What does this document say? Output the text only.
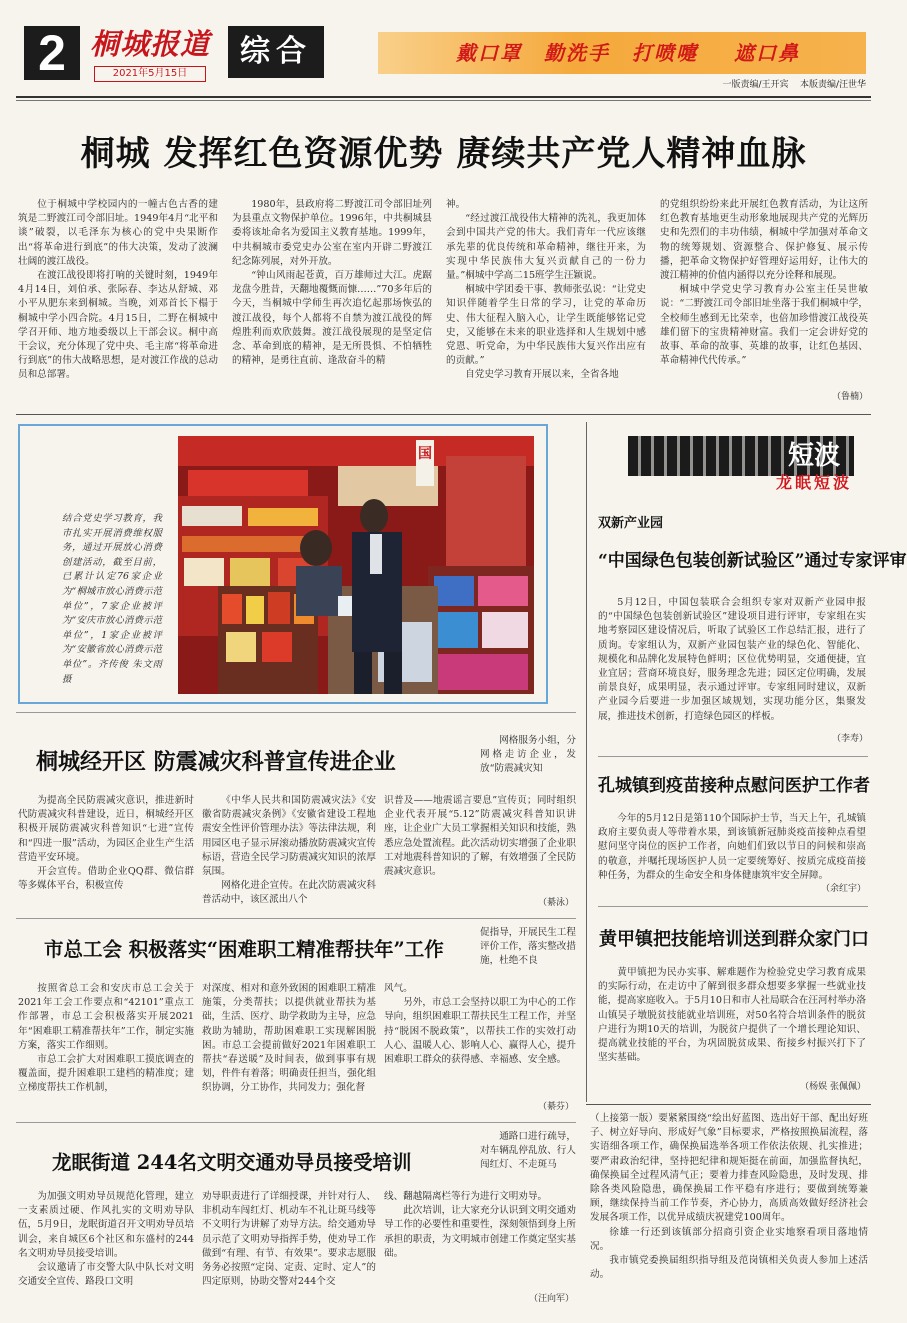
2 桐城报道
2021年5月15日
综合	戴口罩	勤洗手	打喷嚏	遮口鼻
一版责编/王开宾    本版责编/汪世华
桐城 发挥红色资源优势 赓续共产党人精神血脉

位于桐城中学校园内的一幢古色古香的建筑是二野渡江司令部旧址。1949年4月“北平和谈”破裂，以毛泽东为核心的党中央果断作出“将革命进行到底”的伟大决策，发动了波澜壮阔的渡江战役。

在渡江战役即将打响的关键时刻，1949年4月14日，刘伯承、张际春、李达从舒城、邓小平从肥东来到桐城。当晚，刘邓首长下榻于桐城中学小四合院。4月15日，二野在桐城中学召开师、地方地委级以上干部会议。桐中高干会议，充分体现了党中央、毛主席“将革命进行到底”的伟大战略思想，是对渡江作战的总动员和总部署。

1980年，县政府将二野渡江司令部旧址列为县重点文物保护单位。1996年，中共桐城县委将该址命名为爱国主义教育基地。1999年，中共桐城市委党史办公室在室内开辟二野渡江纪念陈列展，对外开放。

“钟山风雨起苍黄，百万雄师过大江。虎踞龙盘今胜昔，天翻地覆慨而慷……”70多年后的今天，当桐城中学师生再次追忆起那场恢弘的渡江战役，每个人都将不自禁为渡江战役的辉煌胜利而欢欣鼓舞。渡江战役展现的是坚定信念、革命到底的精神，是无所畏惧、不怕牺牲的精神，是勇往直前、逢敌奋斗的精

神。

“经过渡江战役伟大精神的洗礼，我更加体会到中国共产党的伟大。我们青年一代应该继承先辈的优良传统和革命精神，继往开来，为实现中华民族伟大复兴贡献自己的一份力量。”桐城中学高二15班学生汪颖说。

桐城中学团委干事、教师张弘说：“让党史知识伴随着学生日常的学习，让党的革命历史、伟大征程入脑入心，让学生既能够铭记党史，又能够在未来的职业选择和人生规划中感党恩、听党命，为中华民族伟大复兴作出应有的贡献。”

自党史学习教育开展以来，全省各地

的党组织纷纷来此开展红色教育活动，为让这所红色教育基地更生动形象地展现共产党的光辉历史和先烈们的丰功伟绩，桐城中学加强对革命文物的统筹规划、资源整合、保护修复、展示传播，把革命文物保护好管理好运用好，让伟大的渡江精神的价值内涵得以充分诠释和展现。

桐城中学党史学习教育办公室主任吴世敏说：“二野渡江司令部旧址坐落于我们桐城中学，全校师生感到无比荣幸，也倍加珍惜渡江战役英雄们留下的宝贵精神财富。我们一定会讲好党的故事、革命的故事、英雄的故事，让红色基因、革命精神代代传承。”

（鲁楠）
结合党史学习教育，我市扎实开展消费维权服务，通过开展放心消费创建活动，截至目前，已累计认定76家企业为“桐城市放心消费示范单位”，7家企业被评为“安庆市放心消费示范单位”，1家企业被评为“安徽省放心消费示范单位”。齐传俊 朱文雨 摄
国	短波
龙眠短波
双新产业园
“中国绿色包装创新试验区”通过专家评审

5月12日，中国包装联合会组织专家对双新产业园申报的“中国绿色包装创新试验区”建设项目进行评审，专家组在实地考察园区建设情况后，听取了试验区工作总结汇报，进行了质询。专家组认为，双新产业园包装产业的绿色化、智能化、规模化和品牌化发展特色鲜明；区位优势明显，交通便捷，宜业宜居；营商环境良好，服务理念先进；园区定位明确，发展前景良好，成果明显，表示通过评审。专家组同时建议，双新产业园今后要进一步加强区域规划，实现功能分区，集聚发展，推进技术创新，打造绿色园区的样板。

（李寿）
孔城镇到疫苗接种点慰问医护工作者

今年的5月12日是第110个国际护士节，当天上午，孔城镇政府主要负责人等带着水果，到该镇新冠肺炎疫苗接种点看望慰问坚守岗位的医护工作者，向她们们致以节日的问候和崇高的敬意，并嘱托现场医护人员一定要统筹好、按质完成疫苗接种任务，为群众的生命安全和身体健康筑牢安全屏障。

（余红宇）
黄甲镇把技能培训送到群众家门口

黄甲镇把为民办实事、解难题作为检验党史学习教育成果的实际行动，在走访中了解到很多群众想要多掌握一些就业技能，提高家庭收入。于5月10日和市人社局联合在汪河村举办洛山镇吴子墩脱贫技能就业培训班，对50名符合培训条件的脱贫户进行为期10天的培训，为脱贫户提供了一个增长理论知识、提高就业技能的平台，为巩固脱贫成果、衔接乡村振兴打下了坚实基础。

（杨娱 张佩佩）
桐城经开区 防震减灾科普宣传进企业

为提高全民防震减灾意识，推进新时代防震减灾科普建设，近日，桐城经开区积极开展防震减灾科普知识“七进”宣传和“四进一服”活动，为园区企业生产生活营造平安环境。

开会宣传。借助企业QQ群、微信群等多媒体平台，积极宣传

《中华人民共和国防震减灾法》《安徽省防震减灾条例》《安徽省建设工程地震安全性评价管理办法》等法律法规，利用园区电子显示屏滚动播放防震减灾宣传标语，营造全民学习防震减灾知识的浓厚氛围。

网格化进企宣传。在此次防震减灾科普活动中，该区派出八个

网格服务小组，分网格走访企业，发放“防震减灾知

识普及——地震谣言要息”宣传页；同时组织企业代表开展“5.12”防震减灾科普知识讲座，让企业广大员工掌握相关知识和技能，熟悉应急处置流程。此次活动切实增强了企业职工对地震科普知识的了解，有效增强了全民防震减灾意识。

（綦泳）
市总工会 积极落实“困难职工精准帮扶年”工作

按照省总工会和安庆市总工会关于2021年工会工作要点和“42101”重点工作部署，市总工会积极落实开展2021年“困难职工精准帮扶年”工作，制定实施方案，落实工作细则。

市总工会扩大对困难职工摸底调查的覆盖面，提升困难职工建档的精准度；建立梯度帮扶工作机制，

对深度、相对和意外致困的困难职工精准施策，分类帮扶；以提供就业帮扶为基础，生活、医疗、助学救助为主导，应急救助为辅助，帮助困难职工实现解困脱困。市总工会提前做好2021年困难职工帮扶“春送暖”及时间表，做到事事有规划，件件有着落；明确责任担当，强化组织协调，分工协作，共同发力；强化督

促指导，开展民生工程评价工作，落实整改措施，杜绝不良

风气。

另外，市总工会坚持以职工为中心的工作导向，组织困难职工帮扶民生工程工作，并坚持“脱困不脱政策”，以帮扶工作的实效打动人心、温暖人心、影响人心、赢得人心，提升困难职工群众的获得感、幸福感、安全感。

（綦芬）
龙眠街道 244名文明交通劝导员接受培训

为加强文明劝导员规范化管理，建立一支素质过硬、作风扎实的文明劝导队伍，5月9日，龙眠街道召开文明劝导员培训会，来自城区6个社区和东盛村的244名文明劝导员接受培训。

会议邀请了市交警大队中队长对文明交通安全宣传、路段口文明

劝导职责进行了详细授课，并针对行人、非机动车闯红灯、机动车不礼让斑马线等不文明行为讲解了劝导方法。给交通劝导员示范了文明劝导指挥手势，使劝导工作做到“有理、有节、有效果”。要求志愿服务务必按照“定岗、定责、定时、定人”的四定原则，协助交警对244个交

通路口进行疏导，对车辆乱停乱放、行人闯红灯、不走斑马

线、翻越隔离栏等行为进行文明劝导。

此次培训，让大家充分认识到文明交通劝导工作的必要性和重要性，深刻领悟到身上所承担的职责，为文明城市创建工作奠定坚实基础。

（汪向军）

（上接第一版）要紧紧围绕“绘出好蓝图、选出好干部、配出好班子、树立好导向、形成好气象”目标要求，严格按照换届流程，落实语细各项工作，确保换届选举各项工作依法依规、扎实推进；要严肃政治纪律，坚持把纪律和规矩挺在前面，加强监督执纪，确保换届全过程风清气正；要着力排查风险隐患，及时发现、排除各类风险隐患，确保换届工作平稳有序进行；要做到统筹兼顾，继续保持当前工作节奏，齐心协力，高质高效做好经济社会发展各项工作，以优异成绩庆祝建党100周年。

徐雄一行还到该镇部分招商引资企业实地察看项目落地情况。

我市镇党委换届组织指导组及范岗镇相关负责人参加上述活动。
